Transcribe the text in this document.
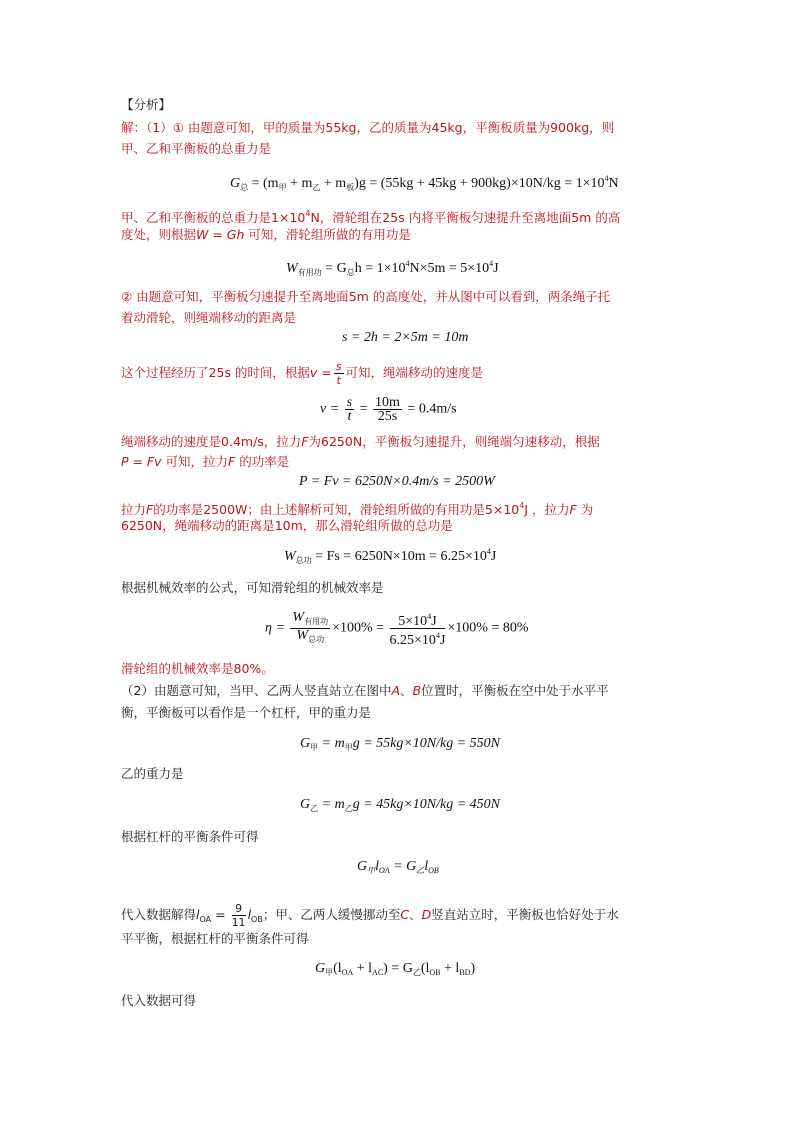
【分析】
解：（1）① 由题意可知，甲的质量为55kg，乙的质量为45kg，平衡板质量为900kg，则
甲、乙和平衡板的总重力是
$G_总 = (m_甲 + m_乙 + m_板)g = (55kg + 45kg + 900kg)\times 10N/kg = 1\times 10^4N$
甲、乙和平衡板的总重力是$1\times 10^4N$，滑轮组在25s 内将平衡板匀速提升至离地面5m 的高
度处，则根据W = Gh 可知，滑轮组所做的有用功是
$W_{有用功} = G_总h = 1\times 10^4N\times 5m = 5\times 10^4J$
② 由题意可知，平衡板匀速提升至离地面5m 的高度处，并从图中可以看到，两条绳子托
着动滑轮，则绳端移动的距离是
s = 2h = 2×5m = 10m
这个过程经历了25s 的时间，根据$v = \frac{s}{t}$ 可知，绳端移动的速度是
$v = \frac{s}{t} = \frac{10m}{25s} = 0.4m/s$
绳端移动的速度是0.4m/s，拉力F为6250N，平衡板匀速提升，则绳端匀速移动，根据
P = Fv 可知，拉力F 的功率是
P = Fv = 6250N×0.4m/s = 2500W
拉力F的功率是2500W；由上述解析可知，滑轮组所做的有用功是$5\times 10^4J$ ，拉力F 为
6250N，绳端移动的距离是10m，那么滑轮组所做的总功是
$W_{总功} = Fs = 6250N\times 10m = 6.25\times 10^4J$
根据机械效率的公式，可知滑轮组的机械效率是
$\eta = \frac{W_{有用功}}{W_{总功}} \times 100\% = \frac{5\times 10^4J}{6.25\times 10^4J} \times 100\% = 80\%$
滑轮组的机械效率是80%。
（2）由题意可知，当甲、乙两人竖直站立在图中A、B位置时，平衡板在空中处于水平平
衡，平衡板可以看作是一个杠杆，甲的重力是
$G_甲 = m_甲g = 55kg\times 10N/kg = 550N$
乙的重力是
$G_乙 = m_乙g = 45kg\times 10N/kg = 450N$
根据杠杆的平衡条件可得
$G_甲l_{OA} = G_乙l_{OB}$
代入数据解得$l_{OA} = \frac{9}{11} l_{OB}$；甲、乙两人缓慢挪动至C、D竖直站立时，平衡板也恰好处于水
平平衡，根据杠杆的平衡条件可得
$G_甲(l_{OA} + l_{AC}) = G_乙(l_{OB} + l_{BD})$
代入数据可得
